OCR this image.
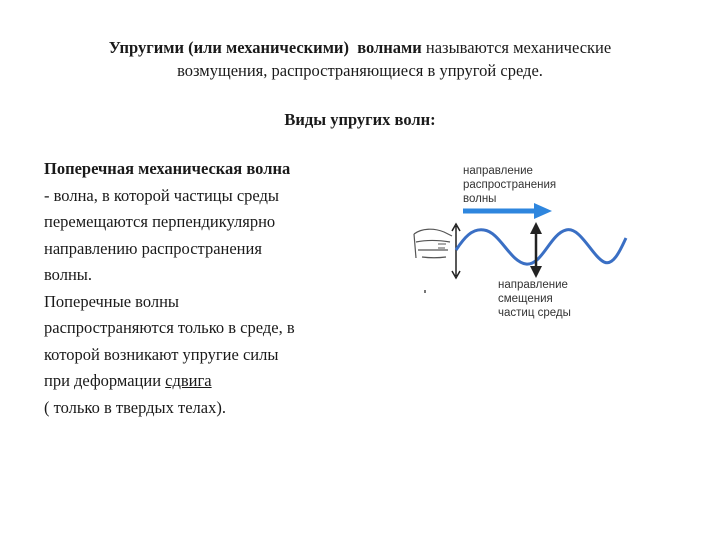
Упругими (или механическими) волнами называются механические
возмущения, распространяющиеся в упругой среде.
Виды упругих волн:
Поперечная механическая волна
- волна, в которой частицы среды
перемещаются перпендикулярно
направлению распространения
волны.
Поперечные волны
распространяются только в среде, в
которой возникают упругие силы
при деформации сдвига
( только в твердых телах).
направление
распространения
волны
направление
смещения
частиц среды
